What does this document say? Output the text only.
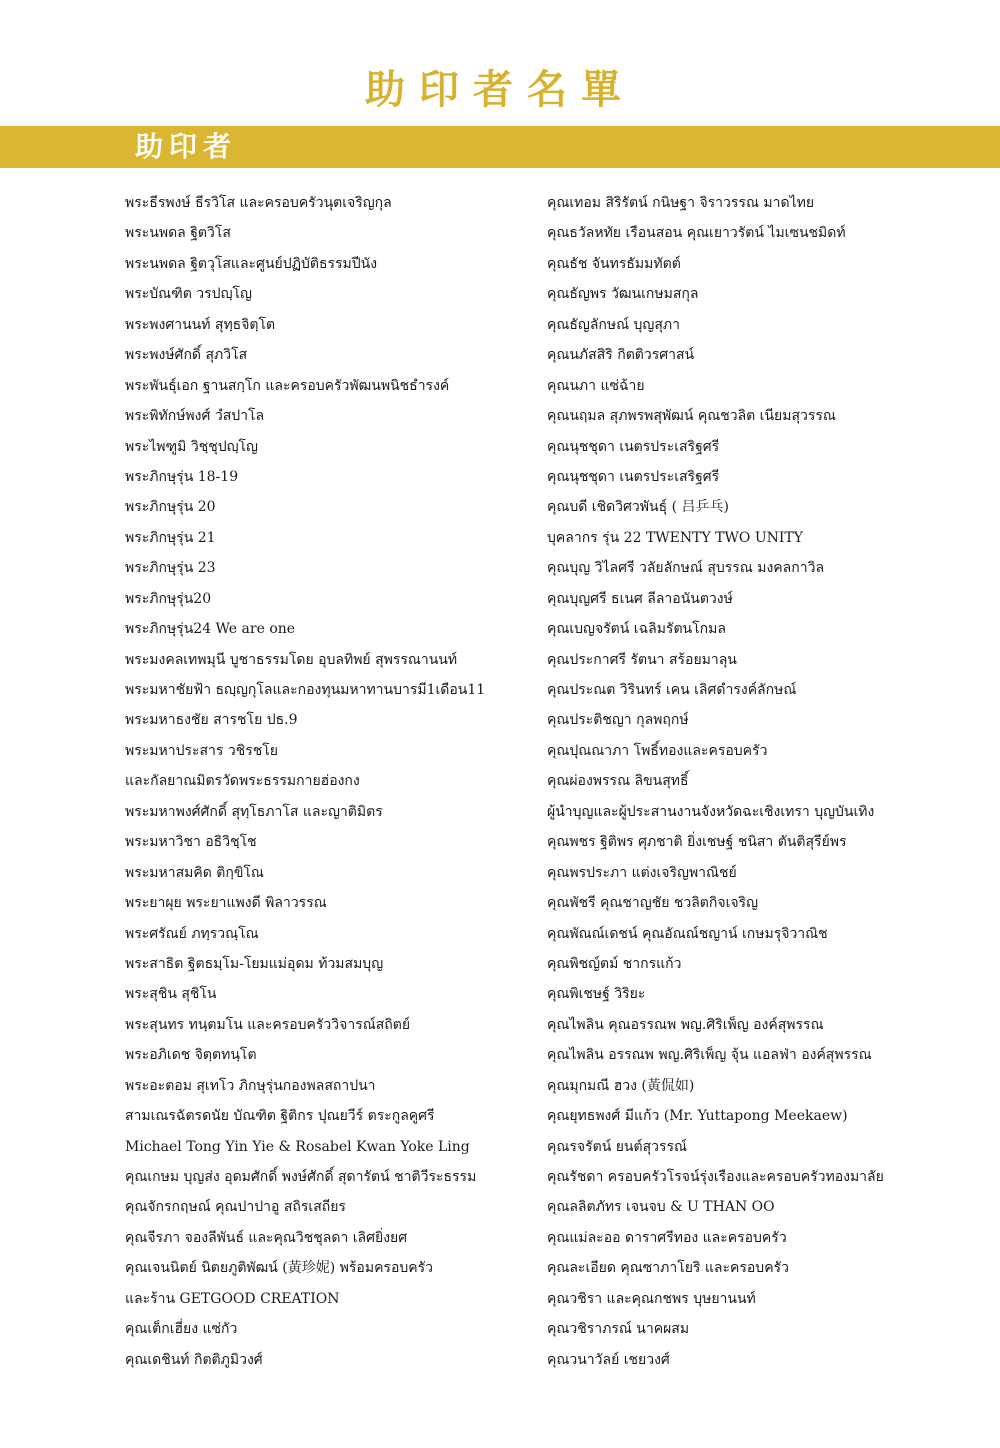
助印者名單
助印者
พระธีรพงษ์ ธีรวิโส และครอบครัวนุตเจริญกุล
พระนพดล ฐิตวิโส
พระนพดล ฐิตวุโสและศูนย์ปฏิบัติธรรมปีนัง
พระบัณฑิต วรปญฺโญ
พระพงศานนท์ สุทฺธจิตฺโต
พระพงษ์ศักดิ์ สุภวิโส
พระพันธุ์เอก ฐานสกฺโก และครอบครัวพัฒนพนิชธำรงค์
พระพิทักษ์พงศ์ วํสปาโล
พระไพฑูมิ วิชฺชุปญฺโญ
พระภิกษุรุ่น 18-19
พระภิกษุรุ่น 20
พระภิกษุรุ่น 21
พระภิกษุรุ่น 23
พระภิกษุรุ่น20
พระภิกษุรุ่น24 We are one
พระมงคลเทพมุนี บูชาธรรมโดย อุบลทิพย์ สุพรรณานนท์
พระมหาชัยฟ้า ธญฺญกุโลและกองทุนมหาทานบารมี1เดือน11
พระมหาธงชัย สารชโย ปธ.9
พระมหาประสาร วชิรชโย
และกัลยาณมิตรวัดพระธรรมกายฮ่องกง
พระมหาพงศ์ศักดิ์ สุทฺโธภาโส และญาติมิตร
พระมหาวิชา อธิวิชฺโช
พระมหาสมคิด ติกฺขิโณ
พระยาผุย พระยาแพงดี พิลาวรรณ
พระศรัณย์ ภทฺรวณฺโณ
พระสาธิต ฐิตธมฺโม-โยมแม่อุดม ท้วมสมบุญ
พระสุชิน สุชิโน
พระสุนทร ทนฺตมโน และครอบครัววิจารณ์สถิตย์
พระอภิเดช จิตฺตทนฺโต
พระอะตอม สุเทโว ภิกษุรุ่นกองพลสถาปนา
สามเณรฉัตรดนัย บัณฑิต ฐิติกร ปุณยวีร์ ตระกูลคูศรี
Michael Tong Yin Yie & Rosabel Kwan Yoke Ling
คุณเกษม บุญส่ง อุดมศักดิ์ พงษ์ศักดิ์ สุดารัตน์ ชาติวีระธรรม
คุณจักรกฤษณ์ คุณปาปาอู สถิรเสถียร
คุณจีรภา จองลีพันธ์ และคุณวิชชุลดา เลิศยิ่งยศ
คุณเจนนิตย์ นิตยภูติพัฒน์ (黃珍妮) พร้อมครอบครัว
และร้าน GETGOOD CREATION
คุณเต็กเฮี่ยง แซ่กัว
คุณเดชินท์ กิตติภูมิวงศ์
คุณเทอม สิริรัตน์ กนิษฐา จิราวรรณ มาดไทย
คุณธวัลหทัย เรือนสอน คุณเยาวรัตน์ ไมเซนชมิดท์
คุณธัช จันทรธัมมทัตต์
คุณธัญพร วัฒนเกษมสกุล
คุณธัญลักษณ์ บุญสุภา
คุณนภัสสิริ กิตติวรศาสน์
คุณนภา แซ่ฉ้าย
คุณนฤมล สุภพรพสุพัฒน์ คุณชวลิต เนียมสุวรรณ
คุณนุชชุดา เนตรประเสริฐศรี
คุณนุชชุดา เนตรประเสริฐศรี
คุณบดี เชิดวิศวพันธุ์ ( 吕乒乓)
บุคลากร รุ่น 22 TWENTY TWO UNITY
คุณบุญ วิไลศรี วลัยลักษณ์ สุบรรณ มงคลกาวิล
คุณบุญศรี ธเนศ ลีลาอนันตวงษ์
คุณเบญจรัตน์ เฉลิมรัตนโกมล
คุณประกาศรี รัตนา สร้อยมาลุน
คุณประณต วิรินทร์ เคน เลิศดำรงค์ลักษณ์
คุณประติชญา กุลพฤกษ์
คุณปุณณาภา โพธิ์ทองและครอบครัว
คุณผ่องพรรณ ลิขนสุทธิ์
ผู้นำบุญและผู้ประสานงานจังหวัดฉะเชิงเทรา บุญบันเทิง
คุณพชร ฐิติพร ศุภชาติ ยิ่งเชษฐ์ ชนิสา ตันติสุรีย์พร
คุณพรประภา แต่งเจริญพาณิชย์
คุณพัชรี คุณชาญชัย ชวลิตกิจเจริญ
คุณพัณณ์เดชน์ คุณอัณณ์ชญาน์ เกษมรุจิวาณิช
คุณพิชญ์ตม์ ชากรแก้ว
คุณพิเชษฐ์ วิริยะ
คุณไพลิน คุณอรรณพ พญ.ศิริเพ็ญ องค์สุพรรณ
คุณไพลิน อรรณพ พญ.ศิริเพ็ญ จุ้น แอลฟ่า องค์สุพรรณ
คุณมุกมณี ฮวง (黃侃如)
คุณยุทธพงศ์ มีแก้ว (Mr. Yuttapong Meekaew)
คุณรจรัตน์ ยนต์สุวรรณ์
คุณรัชดา ครอบครัวโรจน์รุ่งเรืองและครอบครัวทองมาลัย
คุณลลิตภัทร เจนจบ & U THAN OO
คุณแม่ละออ ดาราศรีทอง และครอบครัว
คุณละเอียด คุณซาภาโยริ และครอบครัว
คุณวชิรา และคุณกชพร บุษยานนท์
คุณวชิราภรณ์ นาคผสม
คุณวนาวัลย์ เชยวงศ์
